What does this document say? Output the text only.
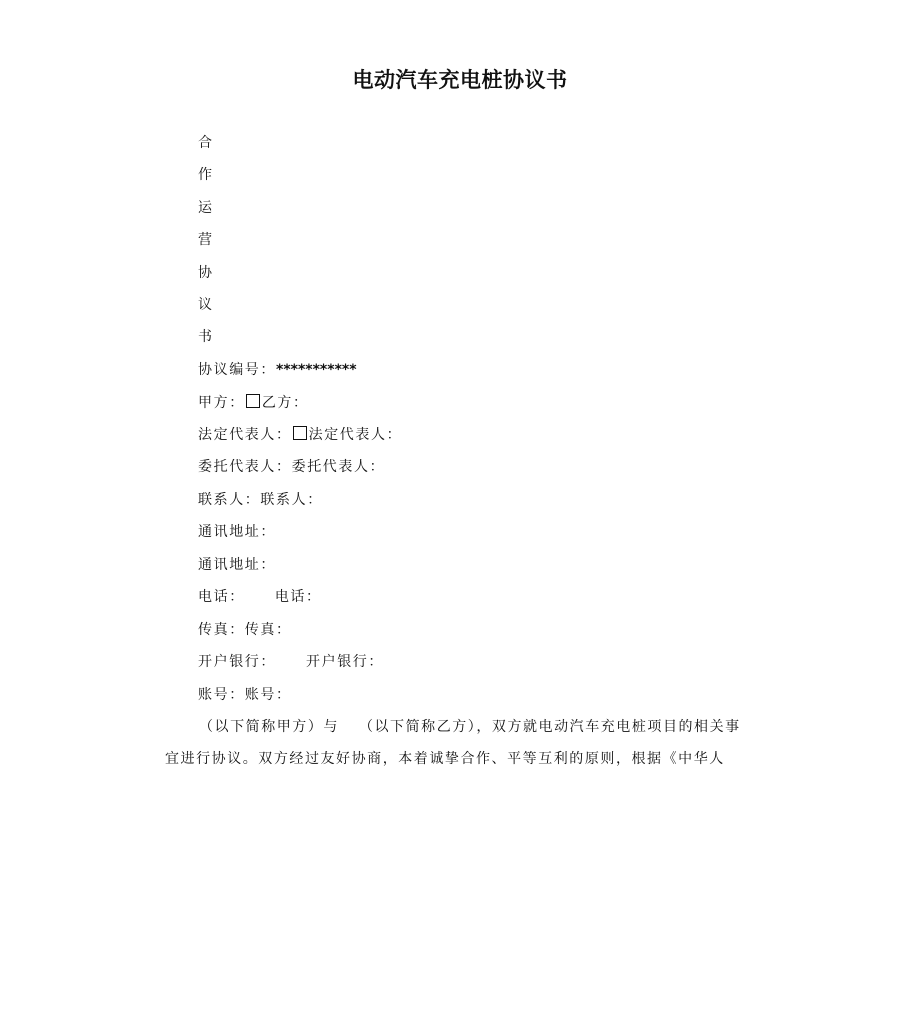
电动汽车充电桩协议书
合
作
运
营
协
议
书
协议编号：***********
甲方： 乙方：
法定代表人： 法定代表人：
委托代表人：委托代表人：
联系人：联系人：
通讯地址：
通讯地址：
电话： 电话：
传真：传真：
开户银行： 开户银行：
账号：账号：
（以下简称甲方）与 （以下简称乙方），双方就电动汽车充电桩项目的相关事
宜进行协议。双方经过友好协商，本着诚挚合作、平等互利的原则，根据《中华人
